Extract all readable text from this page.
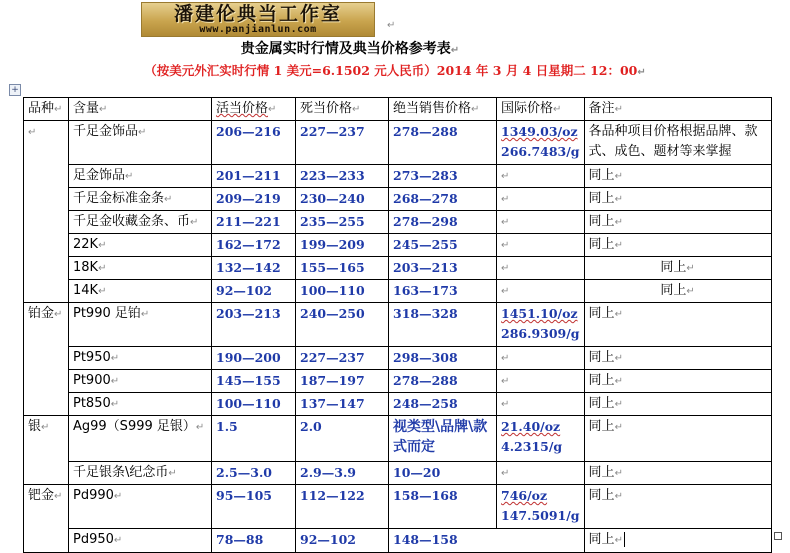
潘建伦典当工作室
www.panjianlun.com	↵
贵金属实时行情及典当价格参考表↵
（按美元外汇实时行情 1 美元=6.1502 元人民币）2014 年 3 月 4 日星期二 12：00↵
+
品种↵	含量↵	活当价格↵	死当价格↵	绝当销售价格↵	国际价格↵	备注↵
↵	千足金饰品↵	206—216	227—237	278—288	1349.03/oz
266.7483/g	各品种项目价格根据品牌、款式、成色、题材等来掌握
	足金饰品↵	201—211	223—233	273—283	↵	同上↵
	千足金标准金条↵	209—219	230—240	268—278	↵	同上↵
	千足金收藏金条、币↵	211—221	235—255	278—298	↵	同上↵
	22K↵	162—172	199—209	245—255	↵	同上↵
	18K↵	132—142	155—165	203—213	↵	同上↵
	14K↵	92—102	100—110	163—173	↵	同上↵
铂金↵	Pt990 足铂↵	203—213	240—250	318—328	1451.10/oz
286.9309/g	同上↵
	Pt950↵	190—200	227—237	298—308	↵	同上↵
	Pt900↵	145—155	187—197	278—288	↵	同上↵
	Pt850↵	100—110	137—147	248—258	↵	同上↵
银↵	Ag99（S999 足银）↵	1.5	2.0	视类型\品牌\款式而定	21.40/oz
4.2315/g	同上↵
	千足银条\纪念币↵	2.5—3.0	2.9—3.9	10—20	↵	同上↵
钯金↵	Pd990↵	95—105	112—122	158—168	746/oz
147.5091/g	同上↵
	Pd950↵	78—88	92—102	148—158		同上↵
